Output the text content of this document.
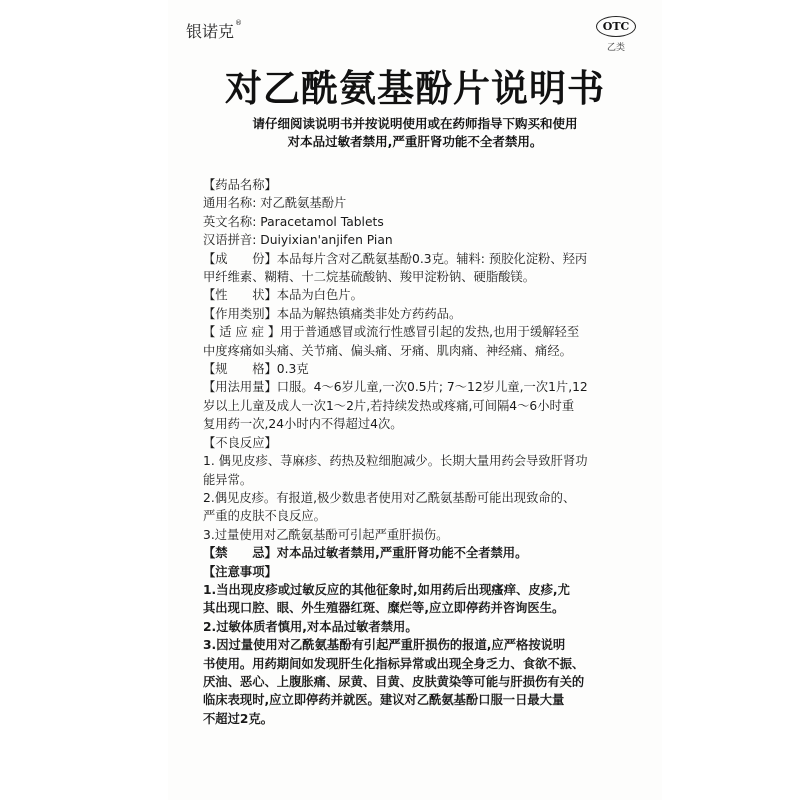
银诺克®	OTC
乙类
对乙酰氨基酚片说明书
请仔细阅读说明书并按说明使用或在药师指导下购买和使用
对本品过敏者禁用,严重肝肾功能不全者禁用。

【药品名称】

通用名称: 对乙酰氨基酚片

英文名称: Paracetamol Tablets

汉语拼音: Duiyixian'anjifen Pian

【成　　份】本品每片含对乙酰氨基酚0.3克。辅料: 预胶化淀粉、羟丙

甲纤维素、糊精、十二烷基硫酸钠、羧甲淀粉钠、硬脂酸镁。

【性　　状】本品为白色片。

【作用类别】本品为解热镇痛类非处方药药品。

【 适 应 症 】用于普通感冒或流行性感冒引起的发热,也用于缓解轻至

中度疼痛如头痛、关节痛、偏头痛、牙痛、肌肉痛、神经痛、痛经。

【规　　格】0.3克

【用法用量】口服。4～6岁儿童,一次0.5片; 7～12岁儿童,一次1片,12

岁以上儿童及成人一次1～2片,若持续发热或疼痛,可间隔4～6小时重

复用药一次,24小时内不得超过4次。

【不良反应】

1. 偶见皮疹、荨麻疹、药热及粒细胞减少。长期大量用药会导致肝肾功

能异常。

2.偶见皮疹。有报道,极少数患者使用对乙酰氨基酚可能出现致命的、

严重的皮肤不良反应。

3.过量使用对乙酰氨基酚可引起严重肝损伤。

【禁　　忌】对本品过敏者禁用,严重肝肾功能不全者禁用。

【注意事项】

1.当出现皮疹或过敏反应的其他征象时,如用药后出现瘙痒、皮疹,尤

其出现口腔、眼、外生殖器红斑、糜烂等,应立即停药并咨询医生。

2.过敏体质者慎用,对本品过敏者禁用。

3.因过量使用对乙酰氨基酚有引起严重肝损伤的报道,应严格按说明

书使用。用药期间如发现肝生化指标异常或出现全身乏力、食欲不振、

厌油、恶心、上腹胀痛、尿黄、目黄、皮肤黄染等可能与肝损伤有关的

临床表现时,应立即停药并就医。建议对乙酰氨基酚口服一日最大量

不超过2克。
